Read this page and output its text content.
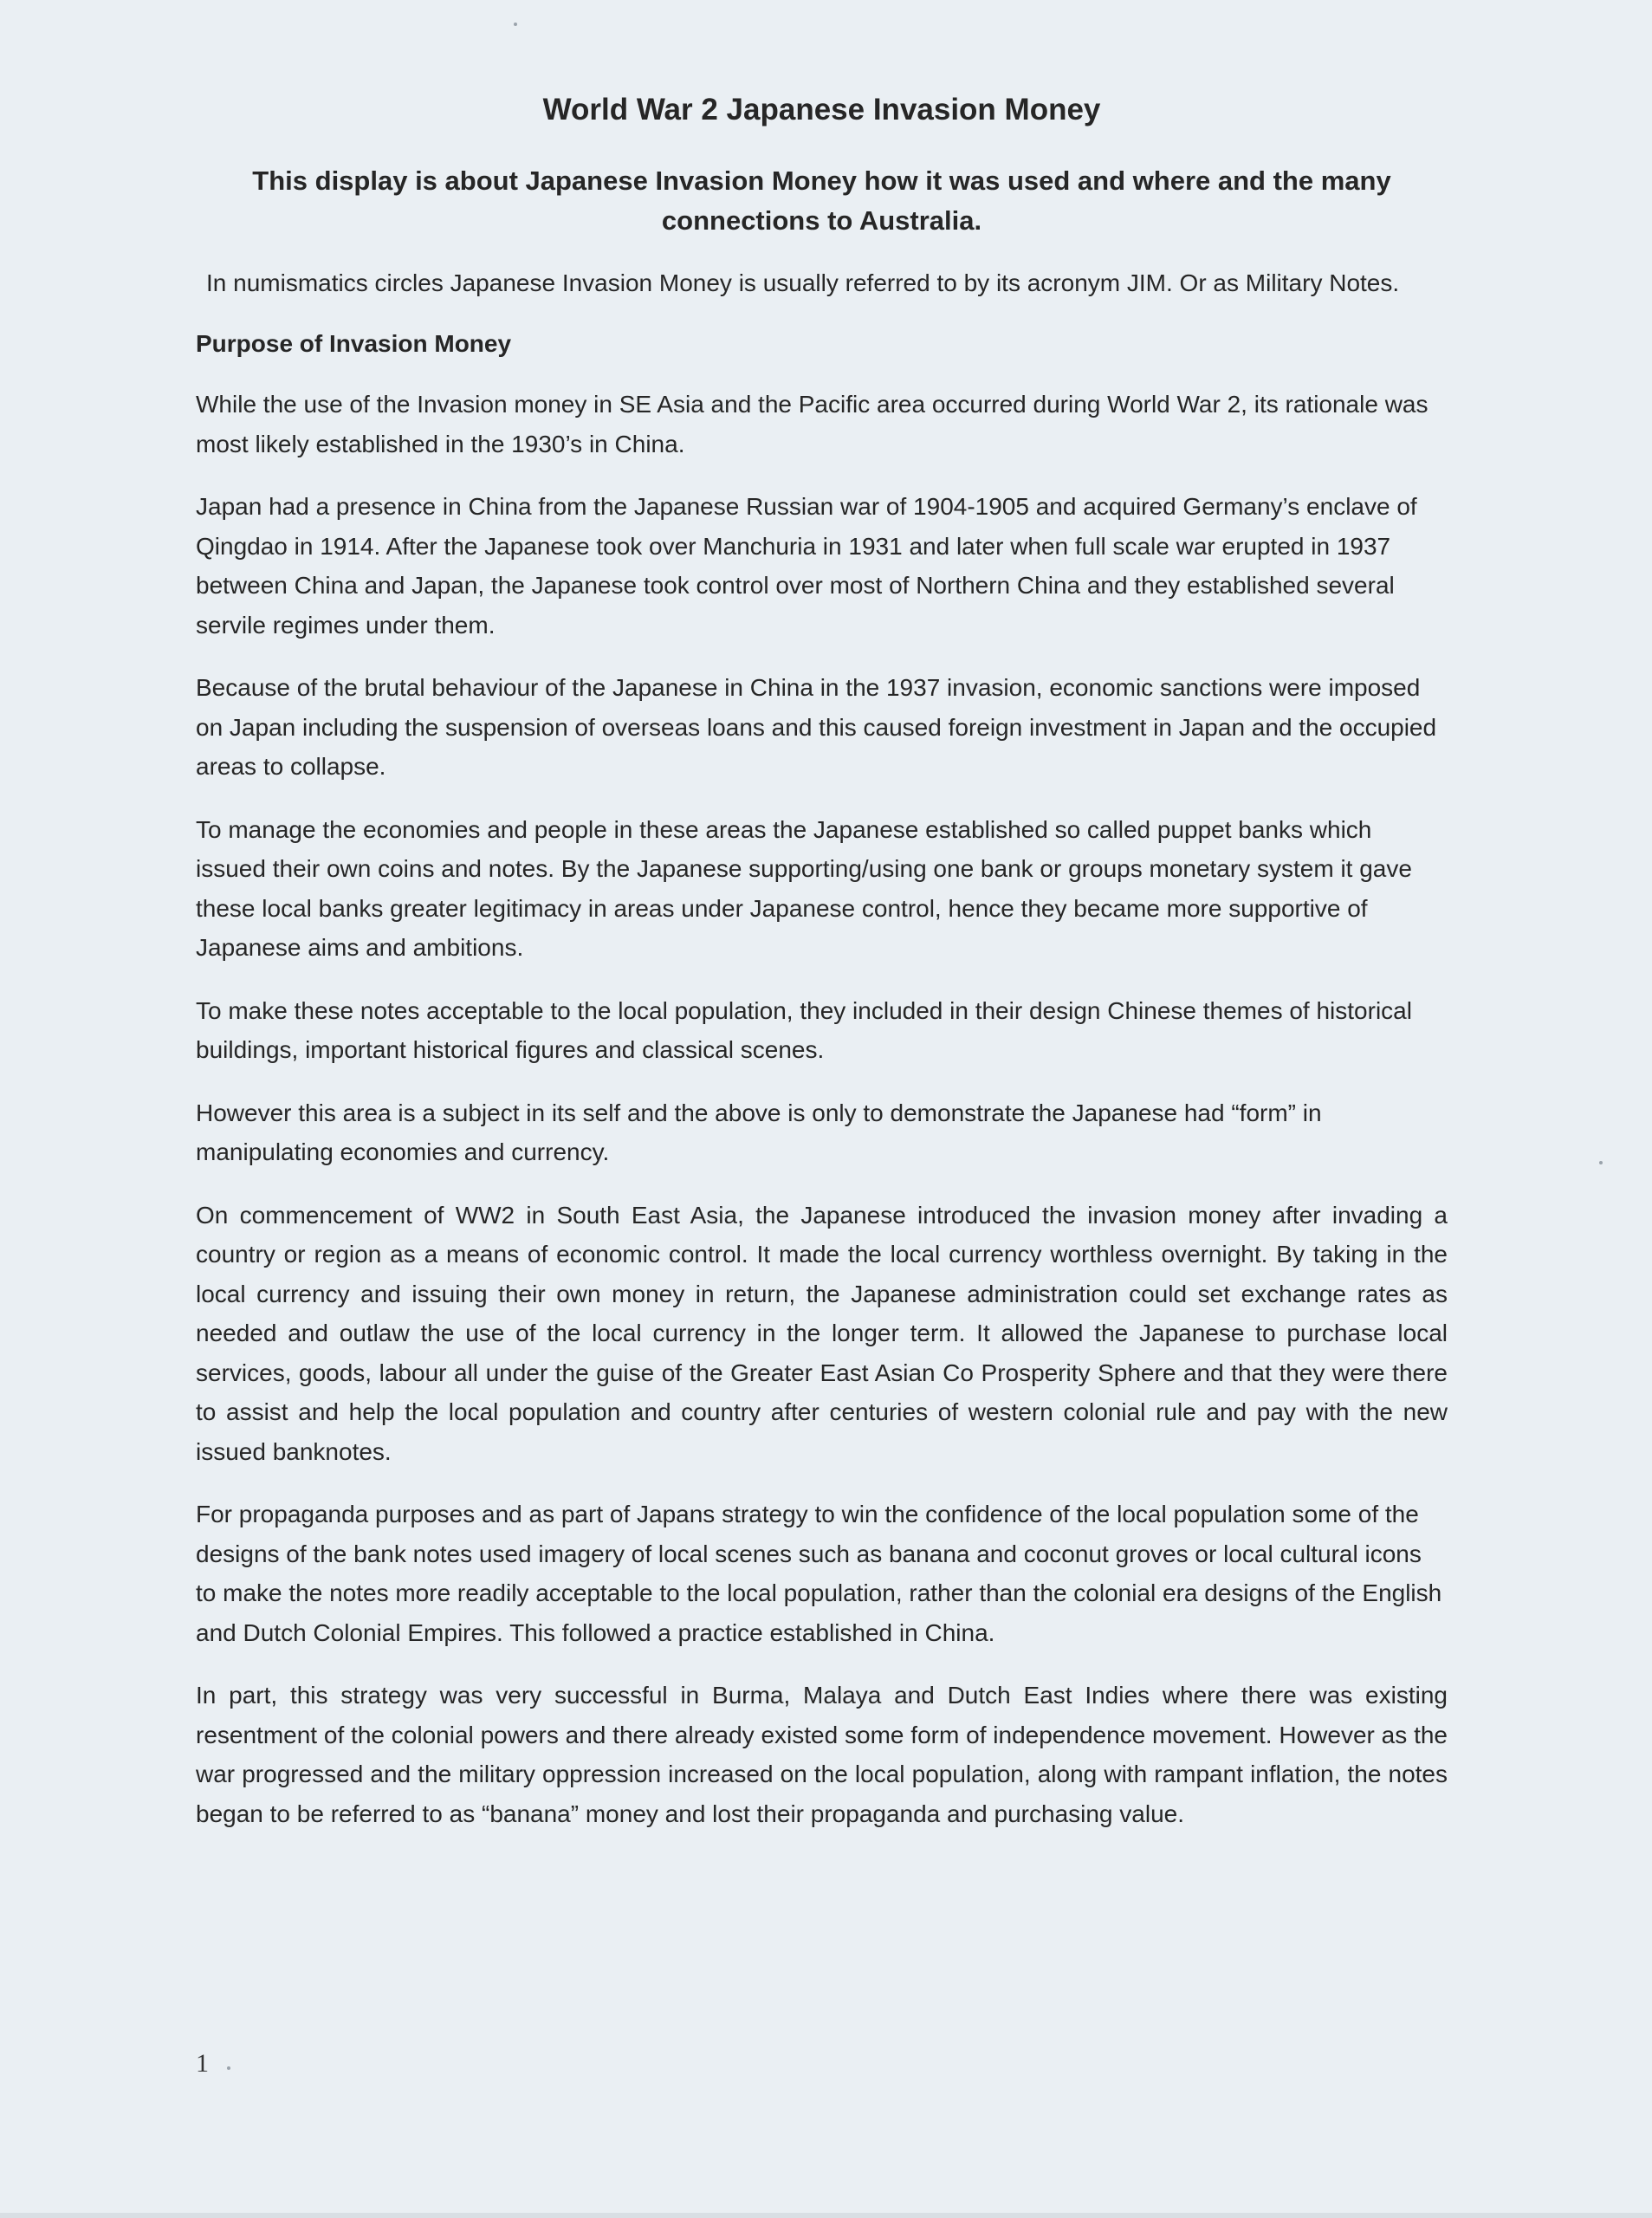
World War 2 Japanese Invasion Money

This display is about Japanese Invasion Money how it was used and where and the many connections to Australia.

In numismatics circles Japanese Invasion Money is usually referred to by its acronym JIM. Or as Military Notes.

Purpose of Invasion Money

While the use of the Invasion money in SE Asia and the Pacific area occurred during World War 2, its rationale was most likely established in the 1930’s in China.

Japan had a presence in China from the Japanese Russian war of 1904-1905 and acquired Germany’s enclave of Qingdao in 1914. After the Japanese took over Manchuria in 1931 and later when full scale war erupted in 1937 between China and Japan, the Japanese took control over most of Northern China and they established several servile regimes under them.

Because of the brutal behaviour of the Japanese in China in the 1937 invasion, economic sanctions were imposed on Japan including the suspension of overseas loans and this caused foreign investment in Japan and the occupied areas to collapse.

To manage the economies and people in these areas the Japanese established so called puppet banks which issued their own coins and notes. By the Japanese supporting/using one bank or groups monetary system it gave these local banks greater legitimacy in areas under Japanese control, hence they became more supportive of Japanese aims and ambitions.

To make these notes acceptable to the local population, they included in their design Chinese themes of historical buildings, important historical figures and classical scenes.

However this area is a subject in its self and the above is only to demonstrate the Japanese had “form” in manipulating economies and currency.

On commencement of WW2 in South East Asia, the Japanese introduced the invasion money after invading a country or region as a means of economic control. It made the local currency worthless overnight. By taking in the local currency and issuing their own money in return, the Japanese administration could set exchange rates as needed and outlaw the use of the local currency in the longer term. It allowed the Japanese to purchase local services, goods, labour all under the guise of the Greater East Asian Co Prosperity Sphere and that they were there to assist and help the local population and country after centuries of western colonial rule and pay with the new issued banknotes.

For propaganda purposes and as part of Japans strategy to win the confidence of the local population some of the designs of the bank notes used imagery of local scenes such as banana and coconut groves or local cultural icons to make the notes more readily acceptable to the local population, rather than the colonial era designs of the English and Dutch Colonial Empires. This followed a practice established in China.

In part, this strategy was very successful in Burma, Malaya and Dutch East Indies where there was existing resentment of the colonial powers and there already existed some form of independence movement. However as the war progressed and the military oppression increased on the local population, along with rampant inflation, the notes began to be referred to as “banana” money and lost their propaganda and purchasing value.

1
